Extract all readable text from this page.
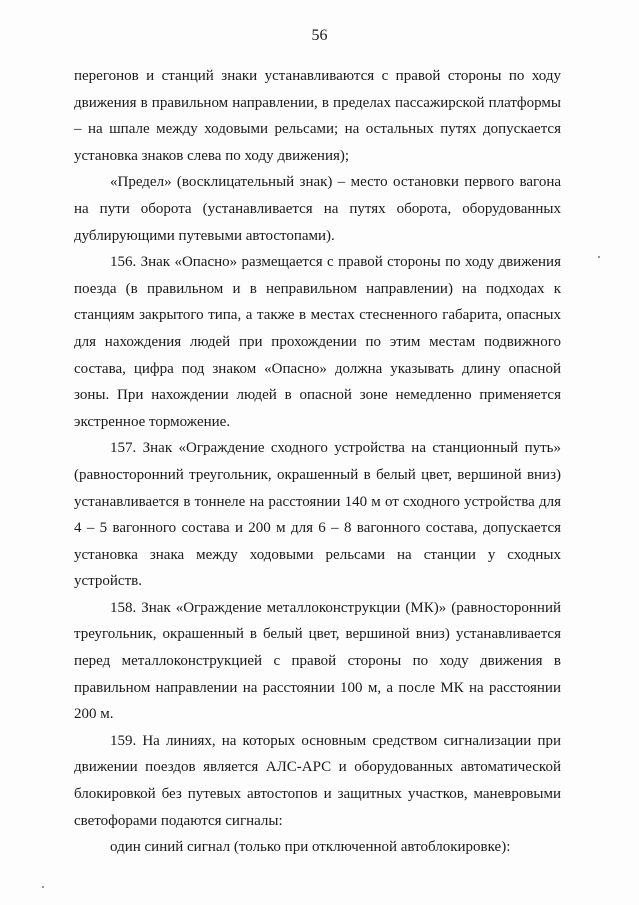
56

перегонов и станций знаки устанавливаются с правой стороны по ходу движения в правильном направлении, в пределах пассажирской платформы – на шпале между ходовыми рельсами; на остальных путях допускается установка знаков слева по ходу движения);

«Предел» (восклицательный знак) – место остановки первого вагона на пути оборота (устанавливается на путях оборота, оборудованных дублирующими путевыми автостопами).

156. Знак «Опасно» размещается с правой стороны по ходу движения поезда (в правильном и в неправильном направлении) на подходах к станциям закрытого типа, а также в местах стесненного габарита, опасных для нахождения людей при прохождении по этим местам подвижного состава, цифра под знаком «Опасно» должна указывать длину опасной зоны. При нахождении людей в опасной зоне немедленно применяется экстренное торможение.

157. Знак «Ограждение сходного устройства на станционный путь» (равносторонний треугольник, окрашенный в белый цвет, вершиной вниз) устанавливается в тоннеле на расстоянии 140 м от сходного устройства для 4 – 5 вагонного состава и 200 м для 6 – 8 вагонного состава, допускается установка знака между ходовыми рельсами на станции у сходных устройств.

158. Знак «Ограждение металлоконструкции (МК)» (равносторонний треугольник, окрашенный в белый цвет, вершиной вниз) устанавливается перед металлоконструкцией с правой стороны по ходу движения в правильном направлении на расстоянии 100 м, а после МК на расстоянии 200 м.

159. На линиях, на которых основным средством сигнализации при движении поездов является АЛС-АРС и оборудованных автоматической блокировкой без путевых автостопов и защитных участков, маневровыми светофорами подаются сигналы:

один синий сигнал (только при отключенной автоблокировке):
